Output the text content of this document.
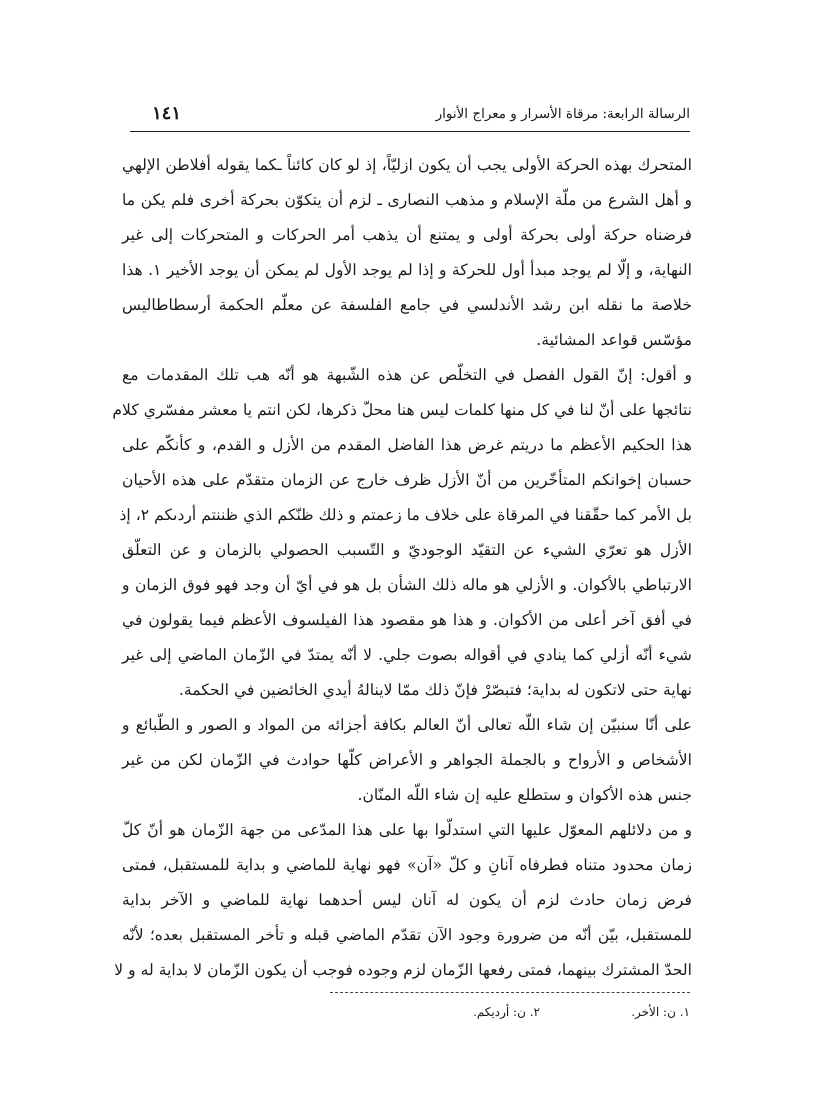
الرسالة الرابعة: مرقاة الأسرار و معراج الأنوار
١٤١
المتحرك بهذه الحركة الأولى يجب أن يكون ازليّاً، إذ لو كان كائناً ـكما يقوله أفلاطن الإلهي
و أهل الشرع من ملّة الإسلام و مذهب النصارى ـ لزم أن يتكوّن بحركة أخرى فلم يكن ما
فرضناه حركة أولى بحركة أولى و يمتنع أن يذهب أمر الحركات و المتحركات إلى غير
النهاية، و إلّا لم يوجد مبدأ أول للحركة و إذا لم يوجد الأول لم يمكن أن يوجد الأخير ١. هذا
خلاصة ما نقله ابن رشد الأندلسي في جامع الفلسفة عن معلّم الحكمة أرسطاطاليس
مؤسّس قواعد المشائية.
و أقول: إنّ القول الفصل في التخلّص عن هذه الشّبهة هو أنّه هب تلك المقدمات مع
نتائجها على أنّ لنا في كل منها كلمات ليس هنا محلّ ذكرها، لكن انتم يا معشر مفسّري كلام
هذا الحكيم الأعظم ما دريتم غرض هذا الفاضل المقدم من الأزل و القدم، و كأنكّم على
حسبان إخوانكم المتأخّرين من أنّ الأزل ظرف خارج عن الزمان متقدّم على هذه الأحيان
بل الأمر كما حقّقنا في المرقاة على خلاف ما زعمتم و ذلك ظنّكم الذي ظننتم أردىكم ٢، إذ
الأزل هو تعرّي الشيء عن التقيّد الوجوديّ و التّسبب الحصولي بالزمان و عن التعلّق
الارتباطي بالأكوان. و الأزلي هو ماله ذلك الشأن بل هو في أيّ أن وجد فهو فوق الزمان و
في أفق آخر أعلى من الأكوان. و هذا هو مقصود هذا الفيلسوف الأعظم فيما يقولون في
شيء أنّه أزلي كما ينادي في أقواله بصوت جلي. لا أنّه يمتدّ في الزّمان الماضي إلى غير
نهاية حتى لاتكون له بداية؛ فتبصّرْ فإنّ ذلك ممّا لاينالهُ أيدي الخائضين في الحكمة.
على أنّا سنبيّن إن شاء اللّه تعالى أنّ العالم بكافة أجزائه من المواد و الصور و الطّبائع و
الأشخاص و الأرواح و بالجملة الجواهر و الأعراض كلّها حوادث في الزّمان لكن من غير
جنس هذه الأكوان و ستطلع عليه إن شاء اللّه المنّان.
و من دلائلهم المعوّل عليها التي استدلّوا بها على هذا المدّعى من جهة الزّمان هو أنّ كلّ
زمان محدود متناه فطرفاه آنانِ و كلّ «آن» فهو نهاية للماضي و بداية للمستقبل، فمتى
فرض زمان حادث لزم أن يكون له آنان ليس أحدهما نهاية للماضي و الآخر بداية
للمستقبل، بيّن أنّه من ضرورة وجود الآن تقدّم الماضي قبله و تأخر المستقبل بعده؛ لأنّه
الحدّ المشترك بينهما، فمتى رفعها الزّمان لزم وجوده فوجب أن يكون الزّمان لا بداية له و لا
١. ن: الأخر.
٢. ن: أرديكم.
